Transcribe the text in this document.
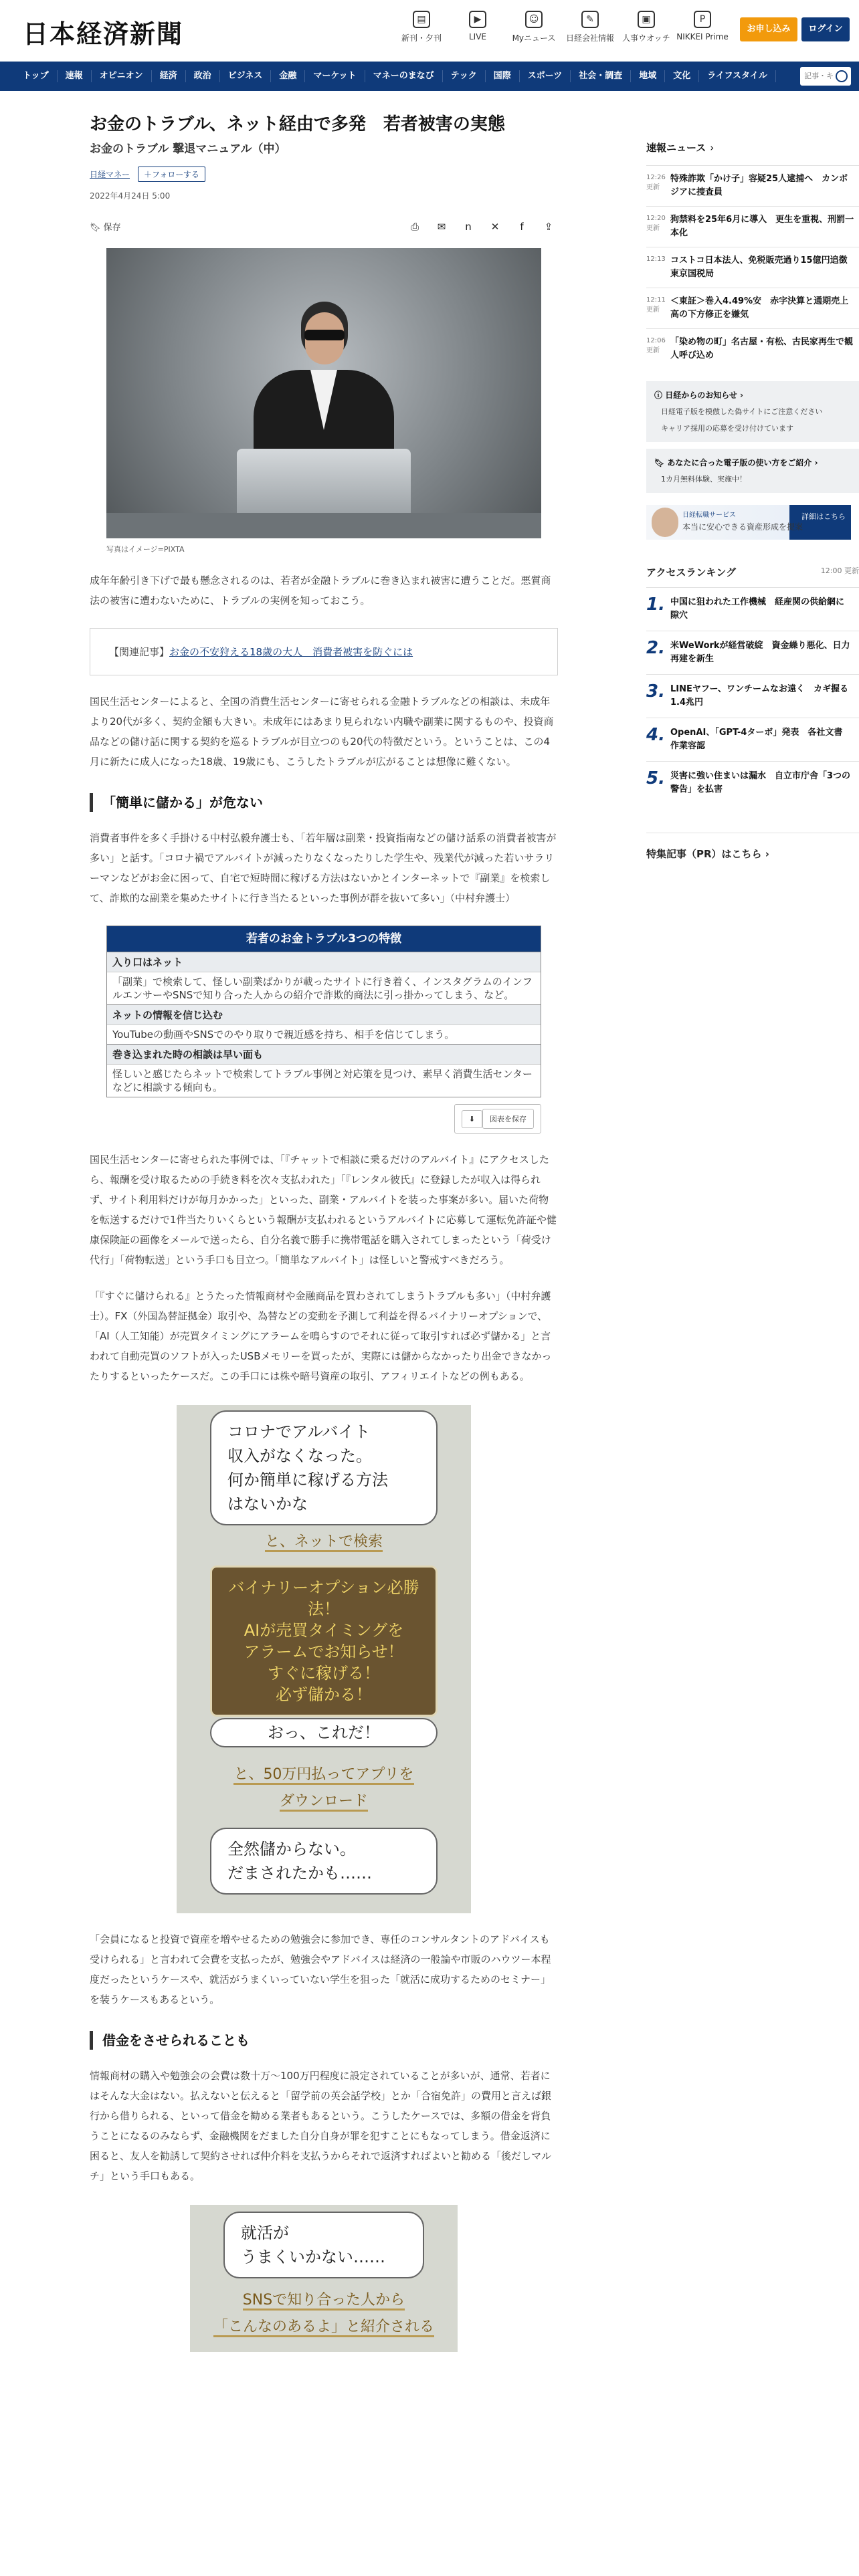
日本経済新聞	▤
新刊・夕刊
▶
LIVE
☺
Myニュース
✎
日経会社情報
▣
人事ウオッチ
P
NIKKEI Prime
お申し込み	ログイン
トップ	速報	オピニオン	経済	政治	ビジネス	金融	マーケット	マネーのまなび	テック	国際	スポーツ	社会・調査	地域	文化	ライフスタイル	記事・キ
お金のトラブル、ネット経由で多発　若者被害の実態
お金のトラブル 撃退マニュアル（中）
日経マネー	＋フォローする
2022年4月24日 5:00
🔖︎ 保存	⎙	✉	n	✕	f	⇪
写真はイメージ=PIXTA

成年年齢引き下げで最も懸念されるのは、若者が金融トラブルに巻き込まれ被害に遭うことだ。悪質商法の被害に遭わないために、トラブルの実例を知っておこう。

【関連記事】お金の不安狩える18歳の大人　消費者被害を防ぐには

国民生活センターによると、全国の消費生活センターに寄せられる金融トラブルなどの相談は、未成年より20代が多く、契約金額も大きい。未成年にはあまり見られない内職や副業に関するものや、投資商品などの儲け話に関する契約を巡るトラブルが目立つのも20代の特徴だという。ということは、この4月に新たに成人になった18歳、19歳にも、こうしたトラブルが広がることは想像に難くない。

「簡単に儲かる」が危ない

消費者事件を多く手掛ける中村弘毅弁護士も、「若年層は副業・投資指南などの儲け話系の消費者被害が多い」と話す。「コロナ禍でアルバイトが減ったりなくなったりした学生や、残業代が減った若いサラリーマンなどがお金に困って、自宅で短時間に稼げる方法はないかとインターネットで『副業』を検索して、詐欺的な副業を集めたサイトに行き当たるといった事例が群を抜いて多い」（中村弁護士）

若者のお金トラブル3つの特徴
入り口はネット
「副業」で検索して、怪しい副業ばかりが載ったサイトに行き着く、インスタグラムのインフルエンサーやSNSで知り合った人からの紹介で詐欺的商法に引っ掛かってしまう、など。
ネットの情報を信じ込む
YouTubeの動画やSNSでのやり取りで親近感を持ち、相手を信じてしまう。
巻き込まれた時の相談は早い面も
怪しいと感じたらネットで検索してトラブル事例と対応策を見つけ、素早く消費生活センターなどに相談する傾向も。
⬇図表を保存

国民生活センターに寄せられた事例では、「『チャットで相談に乗るだけのアルバイト』にアクセスしたら、報酬を受け取るための手続き料を次々支払われた」「『レンタル彼氏』に登録したが収入は得られず、サイト利用料だけが毎月かかった」といった、副業・アルバイトを装った事案が多い。届いた荷物を転送するだけで1件当たりいくらという報酬が支払われるというアルバイトに応募して運転免許証や健康保険証の画像をメールで送ったら、自分名義で勝手に携帯電話を購入されてしまったという「荷受け代行」「荷物転送」という手口も目立つ。「簡単なアルバイト」は怪しいと警戒すべきだろう。

「『すぐに儲けられる』とうたった情報商材や金融商品を買わされてしまうトラブルも多い」（中村弁護士）。FX（外国為替証拠金）取引や、為替などの変動を予測して利益を得るバイナリーオプションで、「AI（人工知能）が売買タイミングにアラームを鳴らすのでそれに従って取引すれば必ず儲かる」と言われて自動売買のソフトが入ったUSBメモリーを買ったが、実際には儲からなかったり出金できなかったりするといったケースだ。この手口には株や暗号資産の取引、アフィリエイトなどの例もある。

コロナでアルバイト
収入がなくなった。
何か簡単に稼げる方法
はないかな
と、ネットで検索
バイナリーオプション必勝法！
AIが売買タイミングを
アラームでお知らせ！
すぐに稼げる！
必ず儲かる！
おっ、これだ！
と、50万円払ってアプリを
ダウンロード
全然儲からない。
だまされたかも……

「会員になると投資で資産を増やせるための勉強会に参加でき、専任のコンサルタントのアドバイスも受けられる」と言われて会費を支払ったが、勉強会やアドバイスは経済の一般論や市販のハウツー本程度だったというケースや、就活がうまくいっていない学生を狙った「就活に成功するためのセミナー」を装うケースもあるという。

借金をさせられることも

情報商材の購入や勉強会の会費は数十万〜100万円程度に設定されていることが多いが、通常、若者にはそんな大金はない。払えないと伝えると「留学前の英会話学校」とか「合宿免許」の費用と言えば銀行から借りられる、といって借金を勧める業者もあるという。こうしたケースでは、多額の借金を背負うことになるのみならず、金融機関をだました自分自身が罪を犯すことにもなってしまう。借金返済に困ると、友人を勧誘して契約させれば仲介料を支払うからそれで返済すればよいと勧める「後だしマルチ」という手口もある。

就活が
うまくいかない……
SNSで知り合った人から
「こんなのあるよ」と紹介される
速報ニュース ›
12:26 更新
特殊詐欺「かけ子」容疑25人逮捕へ　カンボジアに捜査員
12:20 更新
狗禁料を25年6月に導入　更生を重視、刑罰一本化
12:13 コストコ日本法人、免税販売過り15億円追徴　東京国税局
12:11 更新
＜東証＞巻入4.49%安　赤字決算と通期売上高の下方修正を嫌気
12:06 更新
「染め物の町」名古屋・有松、古民家再生で観人呼び込め
ⓘ 日経からのお知らせ ›
日経電子版を模倣した偽サイトにご注意ください
キャリア採用の応募を受け付けています
🔖︎ あなたに合った電子版の使い方をご紹介 ›
1カ月無料体験、実施中！
日経転職サービス
本当に安心できる資産形成を提案
詳細はこちら
アクセスランキング	12:00 更新
1. 中国に狙われた工作機械　経産関の供給網に隙穴
2. 米WeWorkが経営破綻　資金繰り悪化、日力再建を新生
3. LINEヤフー、ワンチームなお遠く　カギ握る1.4兆円
4. OpenAI、「GPT-4ターボ」発表　各社文書作業容認
5. 災害に強い住まいは漏水　自立市庁舎「3つの警告」を払害
特集記事（PR）はこちら ›
